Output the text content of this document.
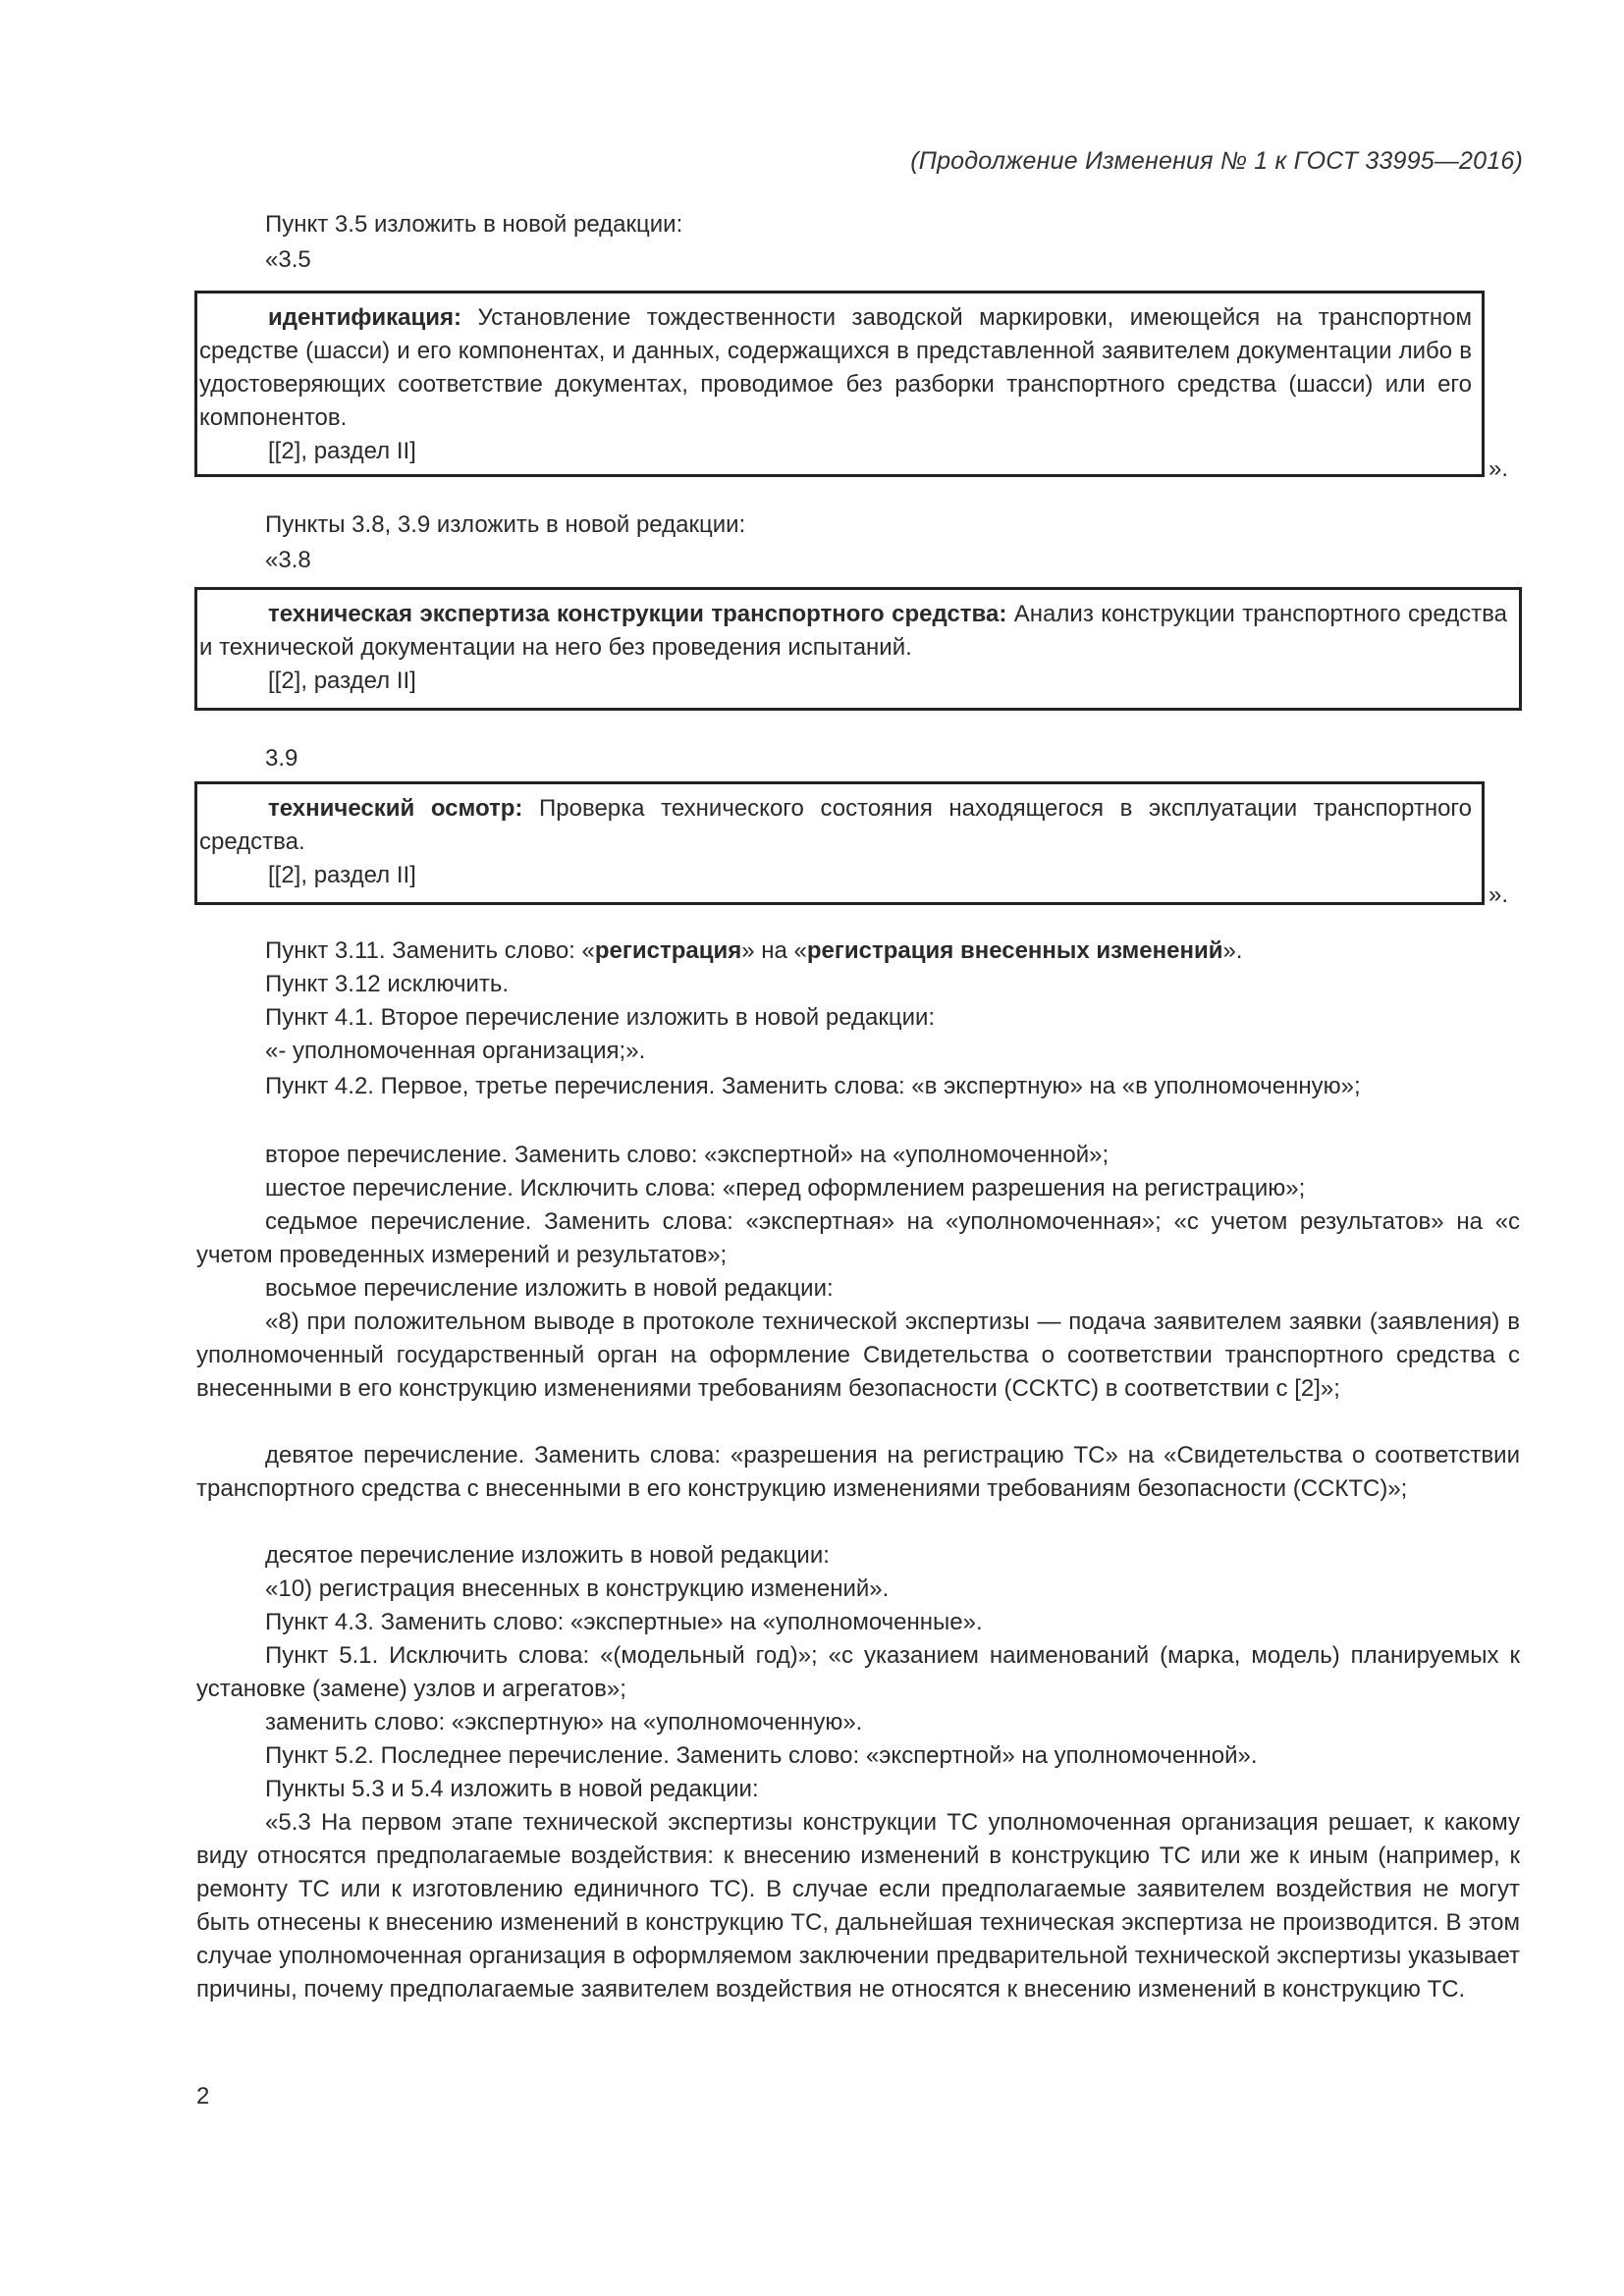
(Продолжение Изменения № 1 к ГОСТ 33995—2016)
Пункт 3.5 изложить в новой редакции:
«3.5
идентификация: Установление тождественности заводской маркировки, имеющейся на транспортном средстве (шасси) и его компонентах, и данных, содержащихся в представленной заявителем документации либо в удостоверяющих соответствие документах, проводимое без разборки транспортного средства (шасси) или его компонентов.
[[2], раздел II]
».
Пункты 3.8, 3.9 изложить в новой редакции:
«3.8
техническая экспертиза конструкции транспортного средства: Анализ конструкции транспортного средства и технической документации на него без проведения испытаний.
[[2], раздел II]
3.9
технический осмотр: Проверка технического состояния находящегося в эксплуатации транспортного средства.
[[2], раздел II]
».
Пункт 3.11. Заменить слово: «регистрация» на «регистрация внесенных изменений».
Пункт 3.12 исключить.
Пункт 4.1. Второе перечисление изложить в новой редакции:
«- уполномоченная организация;».
Пункт 4.2. Первое, третье перечисления. Заменить слова: «в экспертную» на «в уполномоченную»;
второе перечисление. Заменить слово: «экспертной» на «уполномоченной»;
шестое перечисление. Исключить слова: «перед оформлением разрешения на регистрацию»;
седьмое перечисление. Заменить слова: «экспертная» на «уполномоченная»; «с учетом результатов» на «с учетом проведенных измерений и результатов»;
восьмое перечисление изложить в новой редакции:
«8) при положительном выводе в протоколе технической экспертизы — подача заявителем заявки (заявления) в уполномоченный государственный орган на оформление Свидетельства о соответствии транспортного средства с внесенными в его конструкцию изменениями требованиям безопасности (ССКТС) в соответствии с [2]»;
девятое перечисление. Заменить слова: «разрешения на регистрацию ТС» на «Свидетельства о соответствии транспортного средства с внесенными в его конструкцию изменениями требованиям безопасности (ССКТС)»;
десятое перечисление изложить в новой редакции:
«10) регистрация внесенных в конструкцию изменений».
Пункт 4.3. Заменить слово: «экспертные» на «уполномоченные».
Пункт 5.1. Исключить слова: «(модельный год)»; «с указанием наименований (марка, модель) планируемых к установке (замене) узлов и агрегатов»;
заменить слово: «экспертную» на «уполномоченную».
Пункт 5.2. Последнее перечисление. Заменить слово: «экспертной» на уполномоченной».
Пункты 5.3 и 5.4 изложить в новой редакции:
«5.3 На первом этапе технической экспертизы конструкции ТС уполномоченная организация решает, к какому виду относятся предполагаемые воздействия: к внесению изменений в конструкцию ТС или же к иным (например, к ремонту ТС или к изготовлению единичного ТС). В случае если предполагаемые заявителем воздействия не могут быть отнесены к внесению изменений в конструкцию ТС, дальнейшая техническая экспертиза не производится. В этом случае уполномоченная организация в оформляемом заключении предварительной технической экспертизы указывает причины, почему предполагаемые заявителем воздействия не относятся к внесению изменений в конструкцию ТС.
2
